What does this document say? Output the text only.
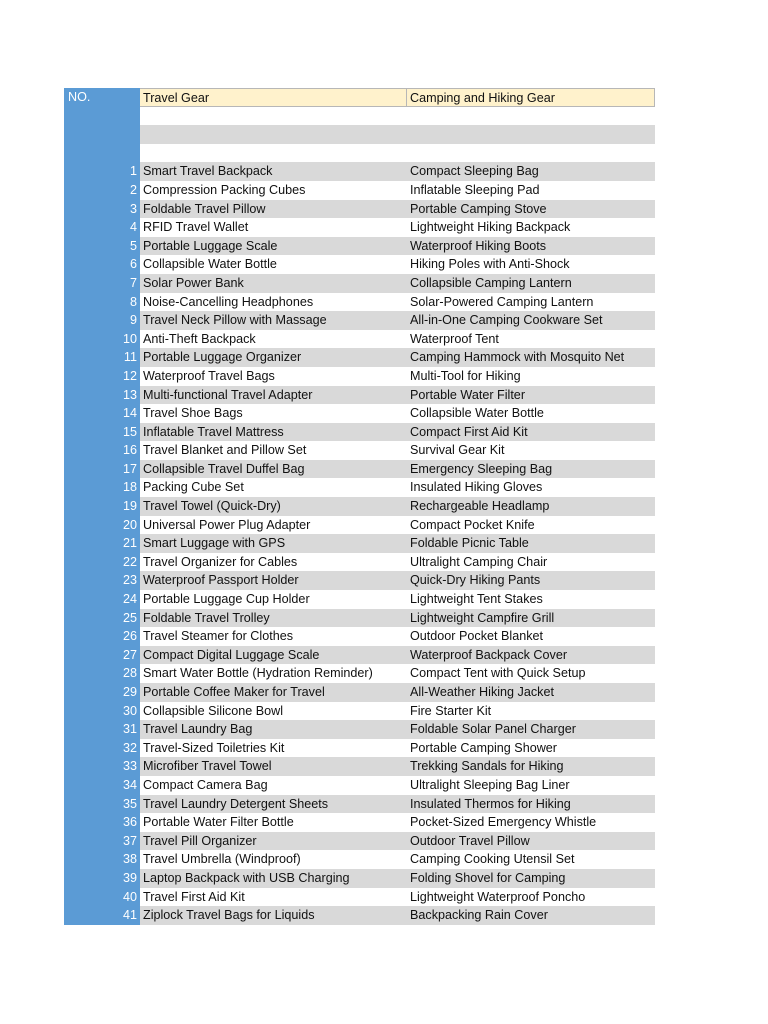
NO.	Travel Gear	Camping and Hiking Gear
1 Smart Travel Backpack	Compact Sleeping Bag
2 Compression Packing Cubes	Inflatable Sleeping Pad
3 Foldable Travel Pillow	Portable Camping Stove
4 RFID Travel Wallet	Lightweight Hiking Backpack
5 Portable Luggage Scale	Waterproof Hiking Boots
6 Collapsible Water Bottle	Hiking Poles with Anti-Shock
7 Solar Power Bank	Collapsible Camping Lantern
8 Noise-Cancelling Headphones	Solar-Powered Camping Lantern
9 Travel Neck Pillow with Massage	All-in-One Camping Cookware Set
10 Anti-Theft Backpack	Waterproof Tent
11 Portable Luggage Organizer	Camping Hammock with Mosquito Net
12 Waterproof Travel Bags	Multi-Tool for Hiking
13 Multi-functional Travel Adapter	Portable Water Filter
14 Travel Shoe Bags	Collapsible Water Bottle
15 Inflatable Travel Mattress	Compact First Aid Kit
16 Travel Blanket and Pillow Set	Survival Gear Kit
17 Collapsible Travel Duffel Bag	Emergency Sleeping Bag
18 Packing Cube Set	Insulated Hiking Gloves
19 Travel Towel (Quick-Dry)	Rechargeable Headlamp
20 Universal Power Plug Adapter	Compact Pocket Knife
21 Smart Luggage with GPS	Foldable Picnic Table
22 Travel Organizer for Cables	Ultralight Camping Chair
23 Waterproof Passport Holder	Quick-Dry Hiking Pants
24 Portable Luggage Cup Holder	Lightweight Tent Stakes
25 Foldable Travel Trolley	Lightweight Campfire Grill
26 Travel Steamer for Clothes	Outdoor Pocket Blanket
27 Compact Digital Luggage Scale	Waterproof Backpack Cover
28 Smart Water Bottle (Hydration Reminder)	Compact Tent with Quick Setup
29 Portable Coffee Maker for Travel	All-Weather Hiking Jacket
30 Collapsible Silicone Bowl	Fire Starter Kit
31 Travel Laundry Bag	Foldable Solar Panel Charger
32 Travel-Sized Toiletries Kit	Portable Camping Shower
33 Microfiber Travel Towel	Trekking Sandals for Hiking
34 Compact Camera Bag	Ultralight Sleeping Bag Liner
35 Travel Laundry Detergent Sheets	Insulated Thermos for Hiking
36 Portable Water Filter Bottle	Pocket-Sized Emergency Whistle
37 Travel Pill Organizer	Outdoor Travel Pillow
38 Travel Umbrella (Windproof)	Camping Cooking Utensil Set
39 Laptop Backpack with USB Charging	Folding Shovel for Camping
40 Travel First Aid Kit	Lightweight Waterproof Poncho
41 Ziplock Travel Bags for Liquids	Backpacking Rain Cover
